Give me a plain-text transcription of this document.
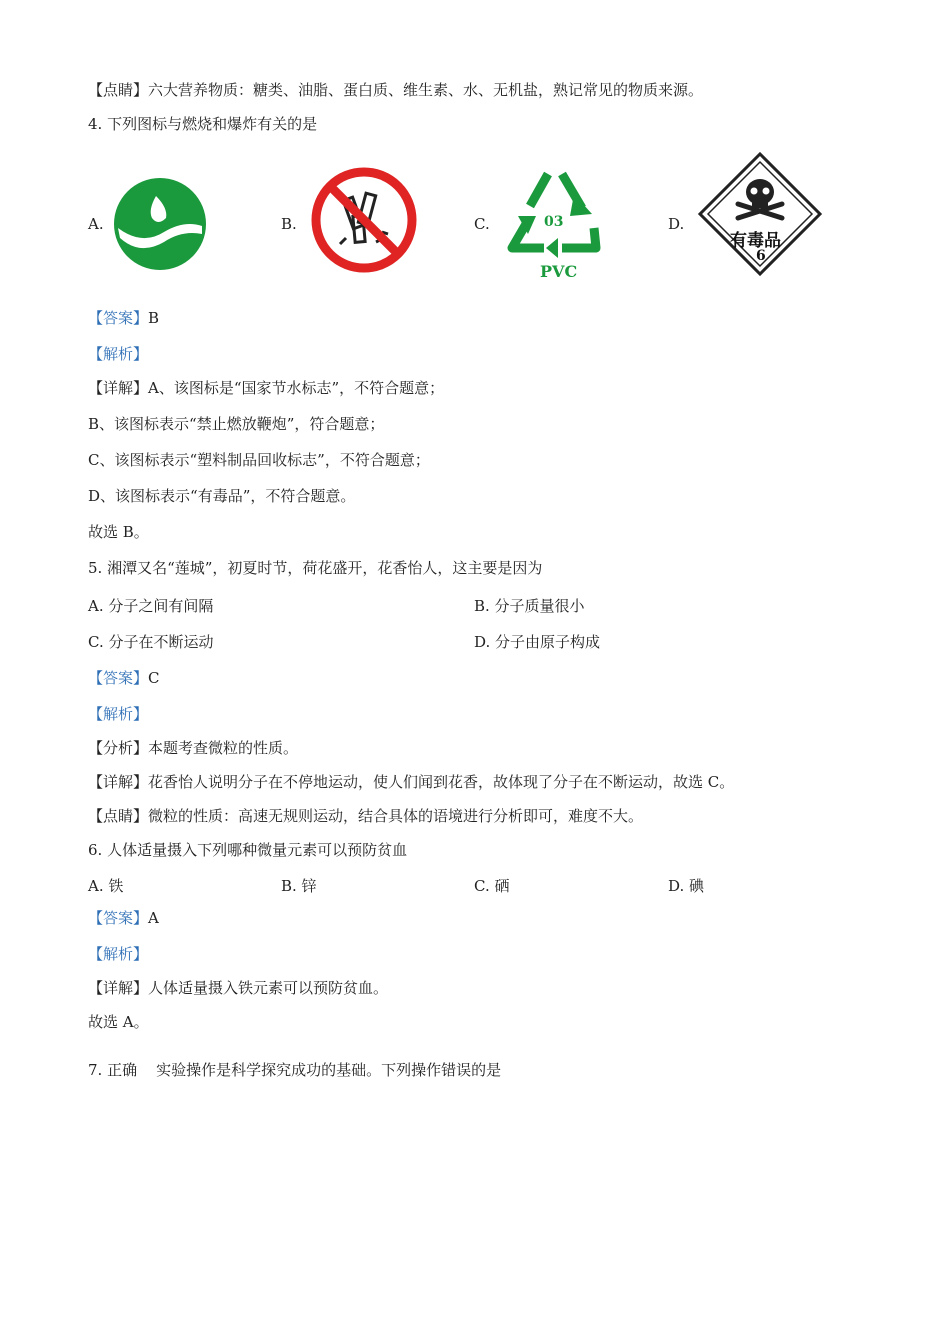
【点睛】六大营养物质：糖类、油脂、蛋白质、维生素、水、无机盐，熟记常见的物质来源。
4. 下列图标与燃烧和爆炸有关的是
A.	B.	C.	03
PVC
D.
有毒品
6
【答案】B
【解析】
【详解】A、该图标是“国家节水标志”，不符合题意；
B、该图标表示“禁止燃放鞭炮”，符合题意；
C、该图标表示“塑料制品回收标志”，不符合题意；
D、该图标表示“有毒品”，不符合题意。
故选 B。
5. 湘潭又名“莲城”，初夏时节，荷花盛开，花香怡人，这主要是因为
A. 分子之间有间隔	B. 分子质量很小
C. 分子在不断运动	D. 分子由原子构成
【答案】C
【解析】
【分析】本题考查微粒的性质。
【详解】花香怡人说明分子在不停地运动，使人们闻到花香，故体现了分子在不断运动，故选 C。
【点睛】微粒的性质：高速无规则运动，结合具体的语境进行分析即可，难度不大。
6. 人体适量摄入下列哪种微量元素可以预防贫血
A. 铁	B. 锌	C. 硒	D. 碘
【答案】A
【解析】
【详解】人体适量摄入铁元素可以预防贫血。
故选 A。
7. 正确    实验操作是科学探究成功的基础。下列操作错误的是
